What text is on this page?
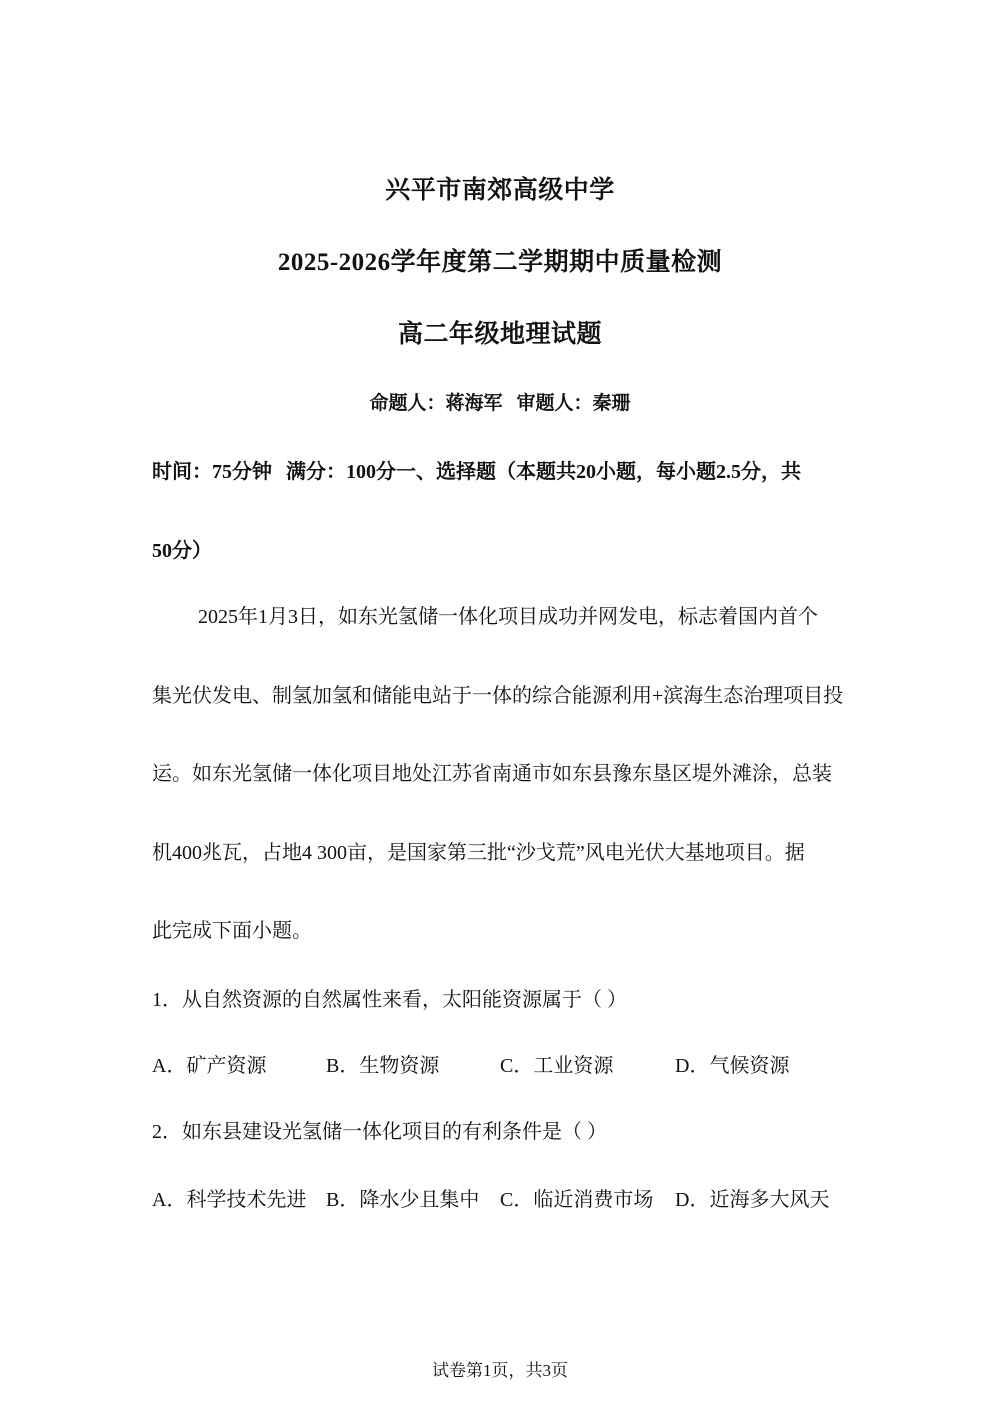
兴平市南郊高级中学
2025-2026学年度第二学期期中质量检测
高二年级地理试题
命题人：蒋海军 审题人：秦珊
时间：75分钟 满分：100分一、选择题（本题共20小题，每小题2.5分，共
50分）
2025年1月3日，如东光氢储一体化项目成功并网发电，标志着国内首个
集光伏发电、制氢加氢和储能电站于一体的综合能源利用+滨海生态治理项目投
运。如东光氢储一体化项目地处江苏省南通市如东县豫东垦区堤外滩涂，总装
机400兆瓦，占地4 300亩，是国家第三批“沙戈荒”风电光伏大基地项目。据
此完成下面小题。
1．从自然资源的自然属性来看，太阳能资源属于（ ）
A．矿产资源	B．生物资源	C．工业资源	D．气候资源
2．如东县建设光氢储一体化项目的有利条件是（ ）
A．科学技术先进 B．降水少且集中 C．临近消费市场 D．近海多大风天
试卷第1页，共3页
